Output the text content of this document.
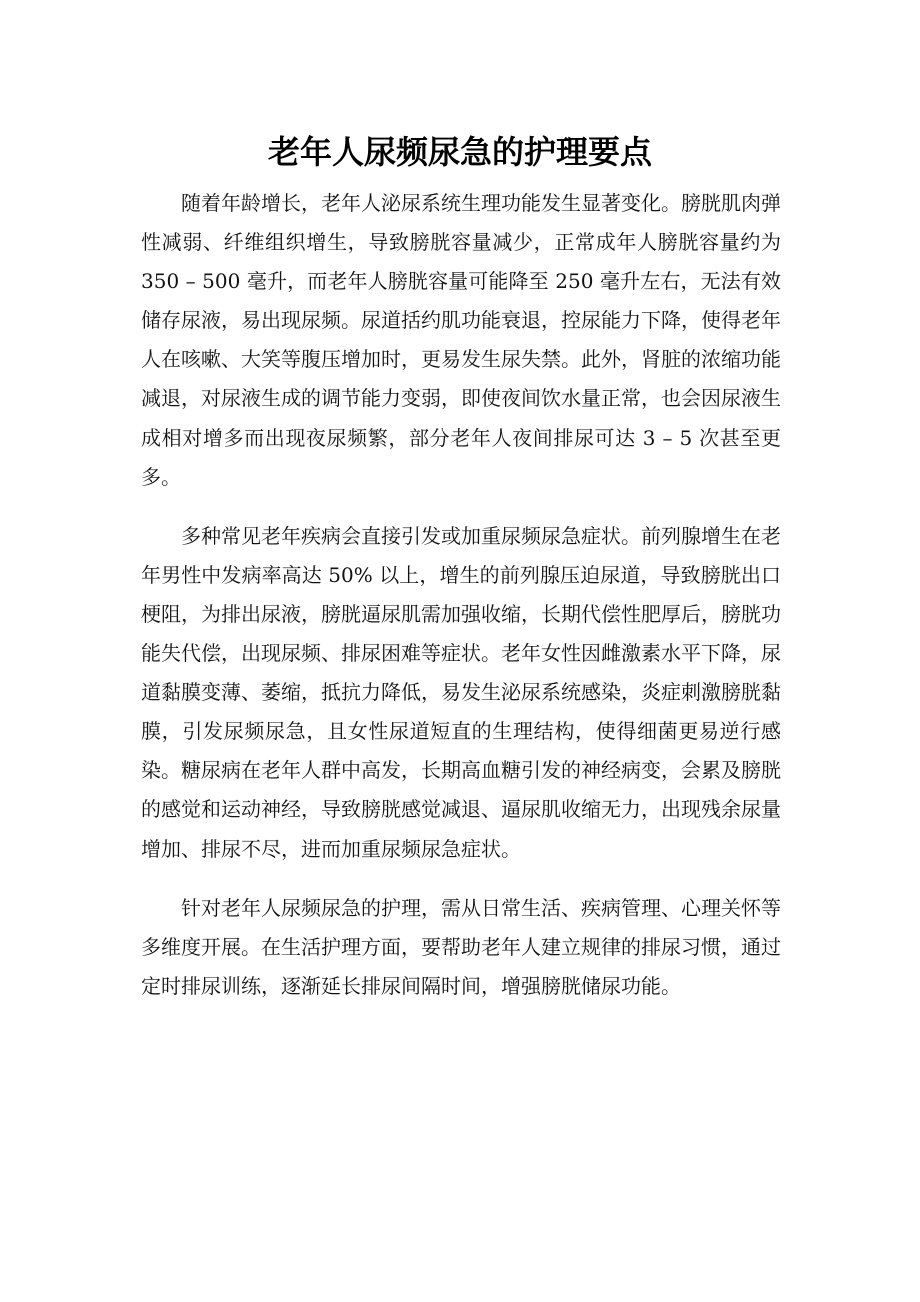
老年人尿频尿急的护理要点

随着年龄增长，老年人泌尿系统生理功能发生显著变化。膀胱肌肉弹性减弱、纤维组织增生，导致膀胱容量减少，正常成年人膀胱容量约为 350 – 500 毫升，而老年人膀胱容量可能降至 250 毫升左右，无法有效储存尿液，易出现尿频。尿道括约肌功能衰退，控尿能力下降，使得老年人在咳嗽、大笑等腹压增加时，更易发生尿失禁。此外，肾脏的浓缩功能减退，对尿液生成的调节能力变弱，即使夜间饮水量正常，也会因尿液生成相对增多而出现夜尿频繁，部分老年人夜间排尿可达 3 – 5 次甚至更多。

多种常见老年疾病会直接引发或加重尿频尿急症状。前列腺增生在老年男性中发病率高达 50% 以上，增生的前列腺压迫尿道，导致膀胱出口梗阻，为排出尿液，膀胱逼尿肌需加强收缩，长期代偿性肥厚后，膀胱功能失代偿，出现尿频、排尿困难等症状。老年女性因雌激素水平下降，尿道黏膜变薄、萎缩，抵抗力降低，易发生泌尿系统感染，炎症刺激膀胱黏膜，引发尿频尿急，且女性尿道短直的生理结构，使得细菌更易逆行感染。糖尿病在老年人群中高发，长期高血糖引发的神经病变，会累及膀胱的感觉和运动神经，导致膀胱感觉减退、逼尿肌收缩无力，出现残余尿量增加、排尿不尽，进而加重尿频尿急症状。

针对老年人尿频尿急的护理，需从日常生活、疾病管理、心理关怀等多维度开展。在生活护理方面，要帮助老年人建立规律的排尿习惯，通过定时排尿训练，逐渐延长排尿间隔时间，增强膀胱储尿功能。
